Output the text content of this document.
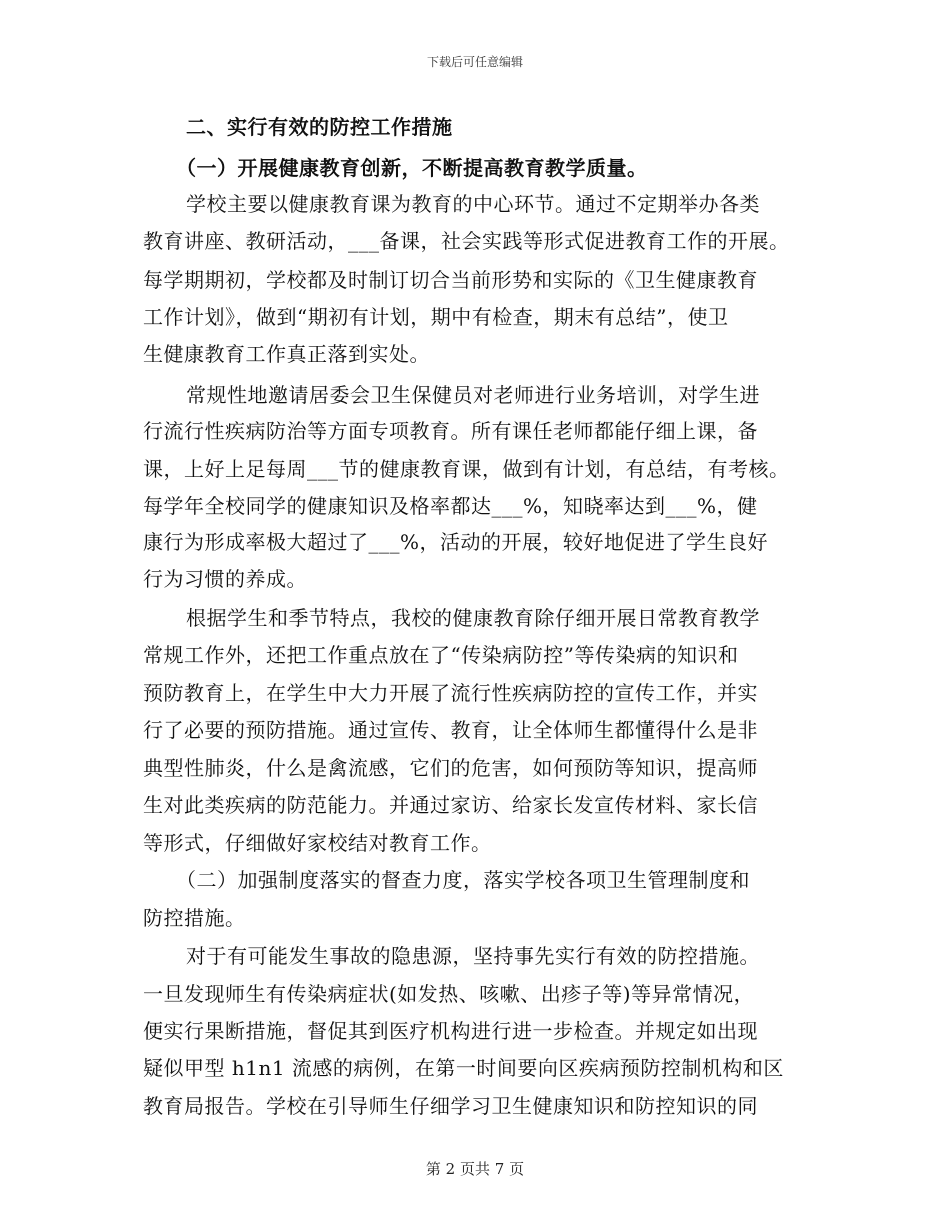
下载后可任意编辑
二、实行有效的防控工作措施
（一）开展健康教育创新，不断提高教育教学质量。
学校主要以健康教育课为教育的中心环节。通过不定期举办各类
教育讲座、教研活动，___备课，社会实践等形式促进教育工作的开展。
每学期期初，学校都及时制订切合当前形势和实际的《卫生健康教育
工作计划》，做到“期初有计划，期中有检查，期末有总结”，使卫
生健康教育工作真正落到实处。
常规性地邀请居委会卫生保健员对老师进行业务培训，对学生进
行流行性疾病防治等方面专项教育。所有课任老师都能仔细上课，备
课，上好上足每周___节的健康教育课，做到有计划，有总结，有考核。
每学年全校同学的健康知识及格率都达___%，知晓率达到___%，健
康行为形成率极大超过了___%，活动的开展，较好地促进了学生良好
行为习惯的养成。
根据学生和季节特点，我校的健康教育除仔细开展日常教育教学
常规工作外，还把工作重点放在了“传染病防控”等传染病的知识和
预防教育上，在学生中大力开展了流行性疾病防控的宣传工作，并实
行了必要的预防措施。通过宣传、教育，让全体师生都懂得什么是非
典型性肺炎，什么是禽流感，它们的危害，如何预防等知识，提高师
生对此类疾病的防范能力。并通过家访、给家长发宣传材料、家长信
等形式，仔细做好家校结对教育工作。
（二）加强制度落实的督查力度，落实学校各项卫生管理制度和
防控措施。
对于有可能发生事故的隐患源，坚持事先实行有效的防控措施。
一旦发现师生有传染病症状(如发热、咳嗽、出疹子等)等异常情况，
便实行果断措施，督促其到医疗机构进行进一步检查。并规定如出现
疑似甲型 h1n1 流感的病例，在第一时间要向区疾病预防控制机构和区
教育局报告。学校在引导师生仔细学习卫生健康知识和防控知识的同
第 2 页共 7 页
